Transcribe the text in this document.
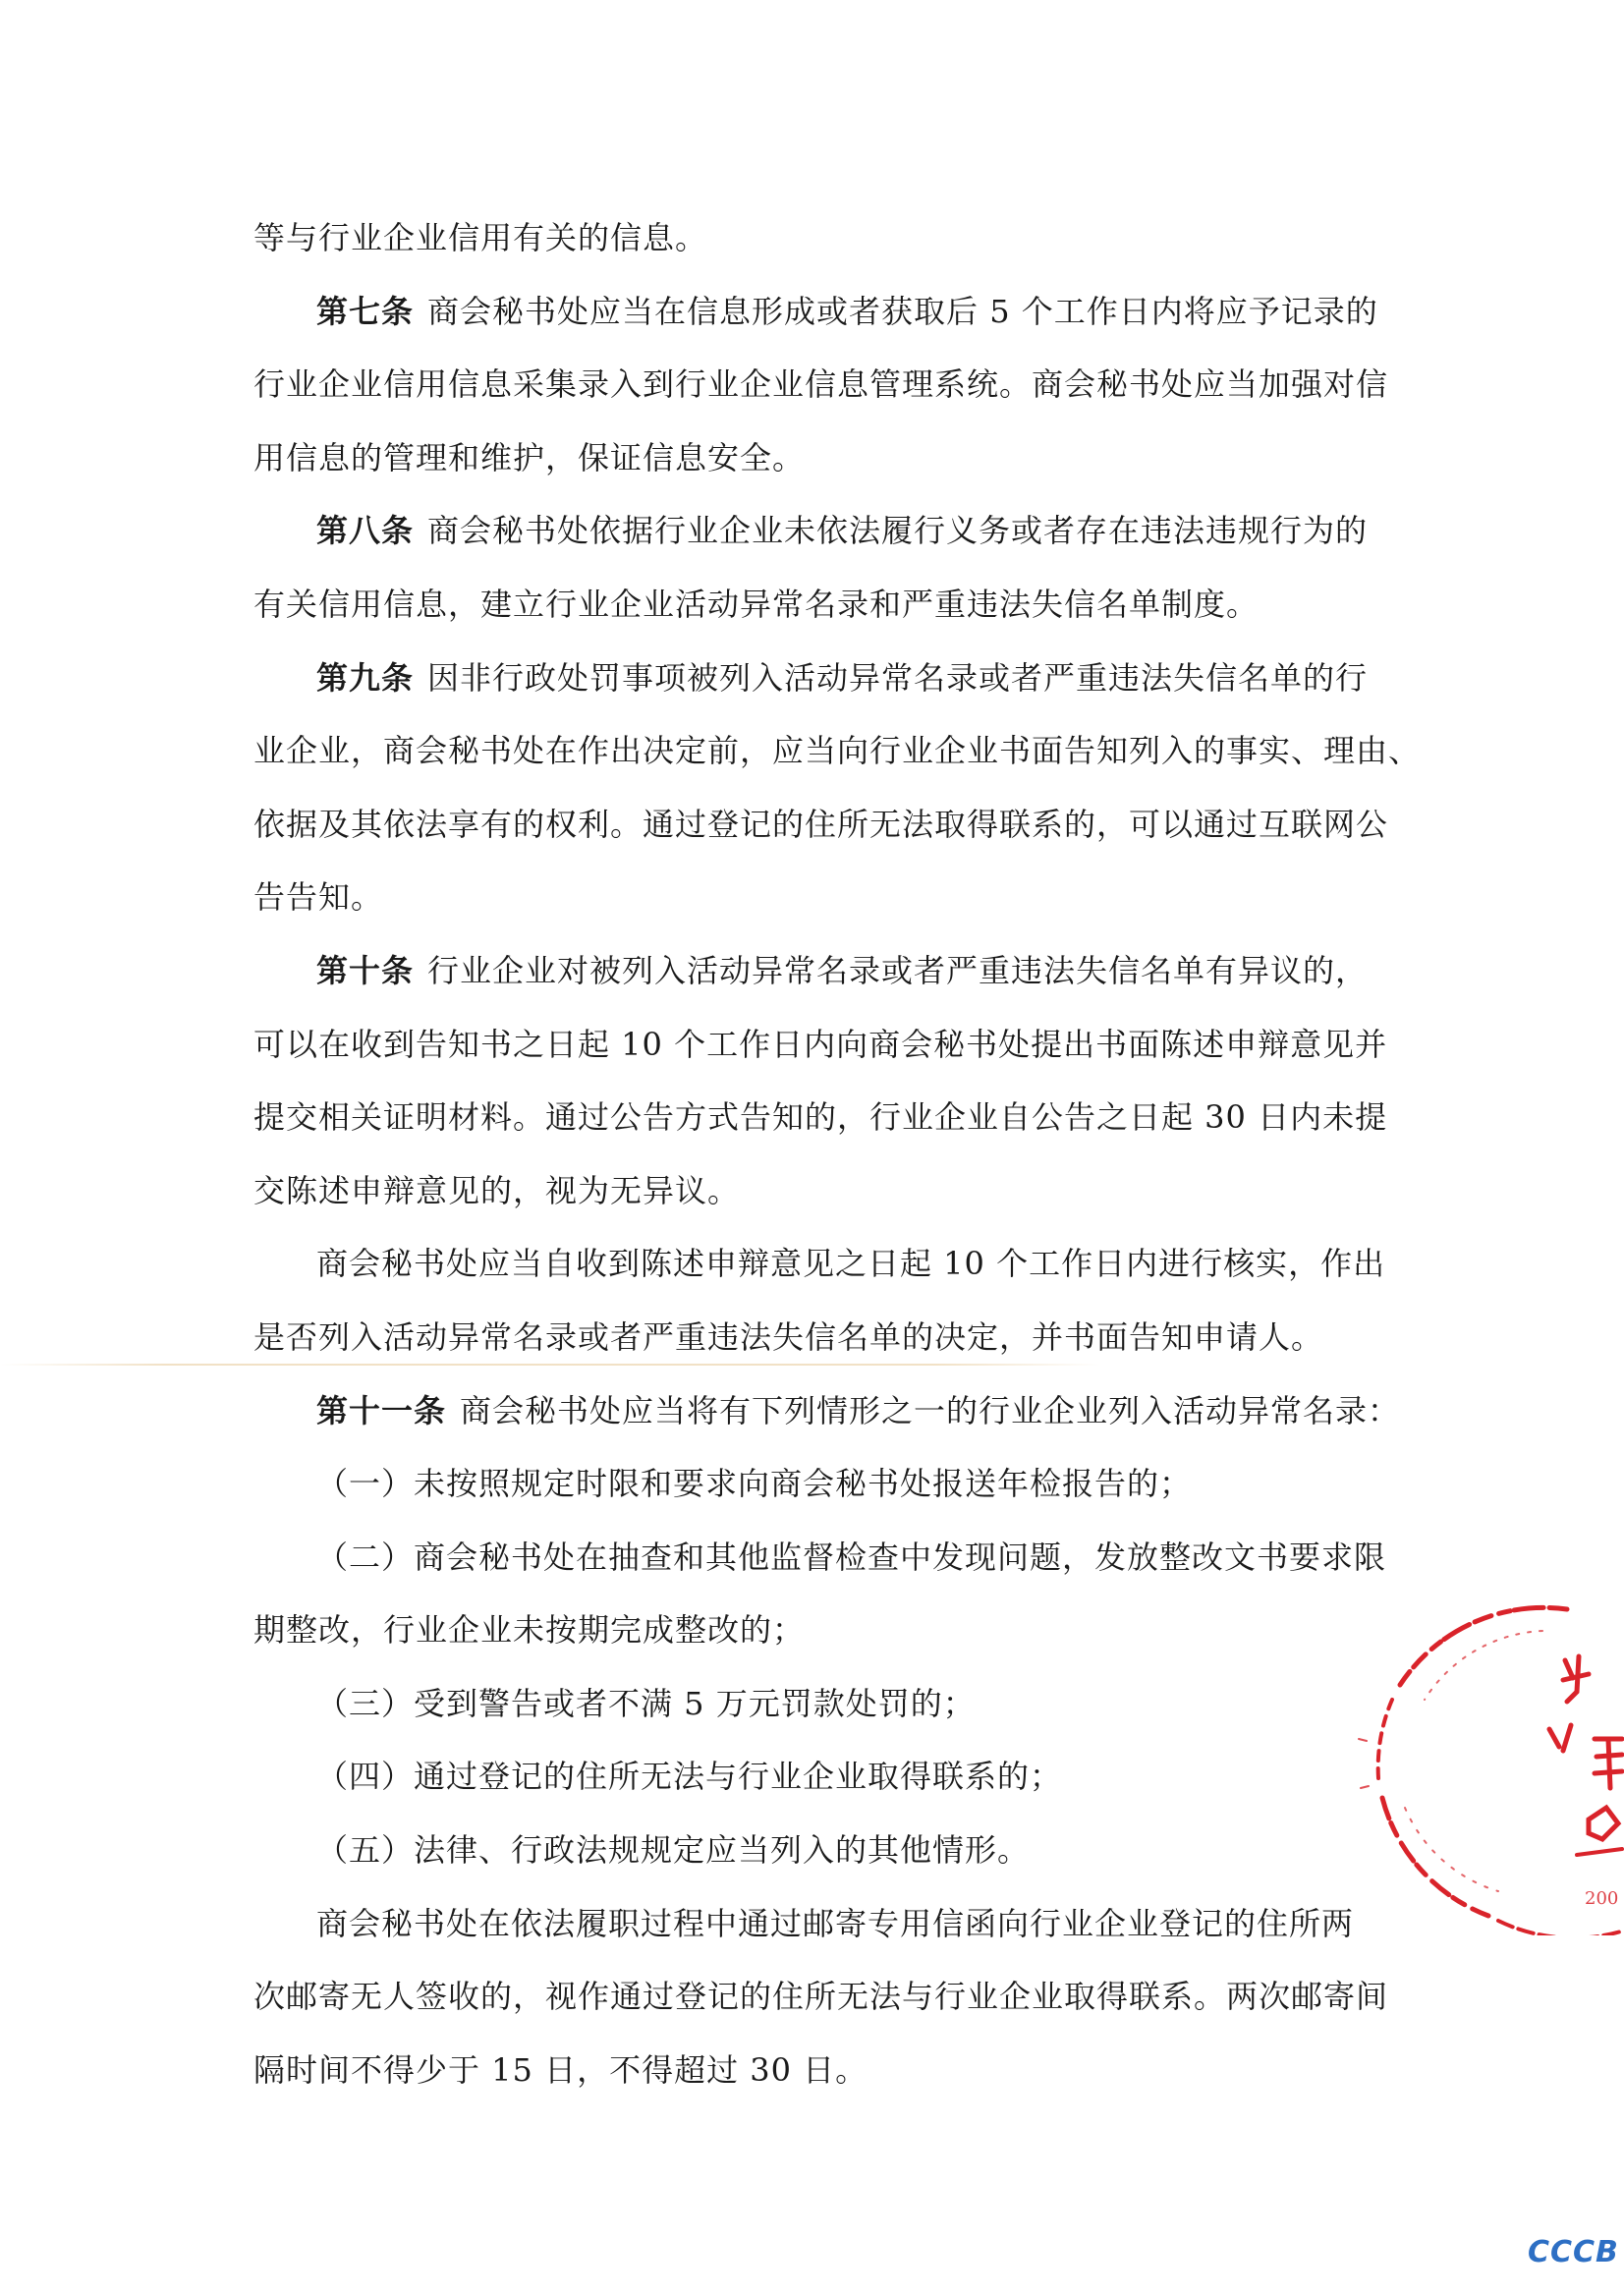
等与行业企业信用有关的信息。
第七条 商会秘书处应当在信息形成或者获取后 5 个工作日内将应予记录的
行业企业信用信息采集录入到行业企业信息管理系统。商会秘书处应当加强对信
用信息的管理和维护，保证信息安全。
第八条 商会秘书处依据行业企业未依法履行义务或者存在违法违规行为的
有关信用信息，建立行业企业活动异常名录和严重违法失信名单制度。
第九条 因非行政处罚事项被列入活动异常名录或者严重违法失信名单的行
业企业，商会秘书处在作出决定前，应当向行业企业书面告知列入的事实、理由、
依据及其依法享有的权利。通过登记的住所无法取得联系的，可以通过互联网公
告告知。
第十条 行业企业对被列入活动异常名录或者严重违法失信名单有异议的，
可以在收到告知书之日起 10 个工作日内向商会秘书处提出书面陈述申辩意见并
提交相关证明材料。通过公告方式告知的，行业企业自公告之日起 30 日内未提
交陈述申辩意见的，视为无异议。
商会秘书处应当自收到陈述申辩意见之日起 10 个工作日内进行核实，作出
是否列入活动异常名录或者严重违法失信名单的决定，并书面告知申请人。
第十一条 商会秘书处应当将有下列情形之一的行业企业列入活动异常名录：
（一）未按照规定时限和要求向商会秘书处报送年检报告的；
（二）商会秘书处在抽查和其他监督检查中发现问题，发放整改文书要求限
期整改，行业企业未按期完成整改的；
（三）受到警告或者不满 5 万元罚款处罚的；
（四）通过登记的住所无法与行业企业取得联系的；
（五）法律、行政法规规定应当列入的其他情形。
商会秘书处在依法履职过程中通过邮寄专用信函向行业企业登记的住所两
次邮寄无人签收的，视作通过登记的住所无法与行业企业取得联系。两次邮寄间
隔时间不得少于 15 日，不得超过 30 日。
200
CCCB
